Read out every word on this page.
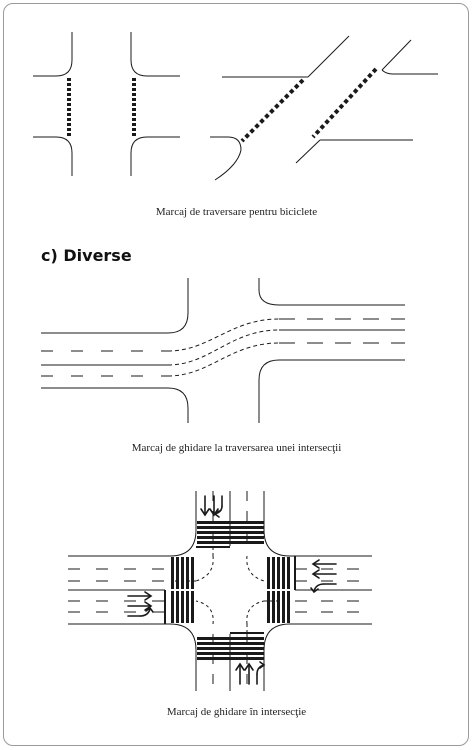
Marcaj de traversare pentru biciclete
c) Diverse
Marcaj de ghidare la traversarea unei intersecţii
Marcaj de ghidare în intersecţie
